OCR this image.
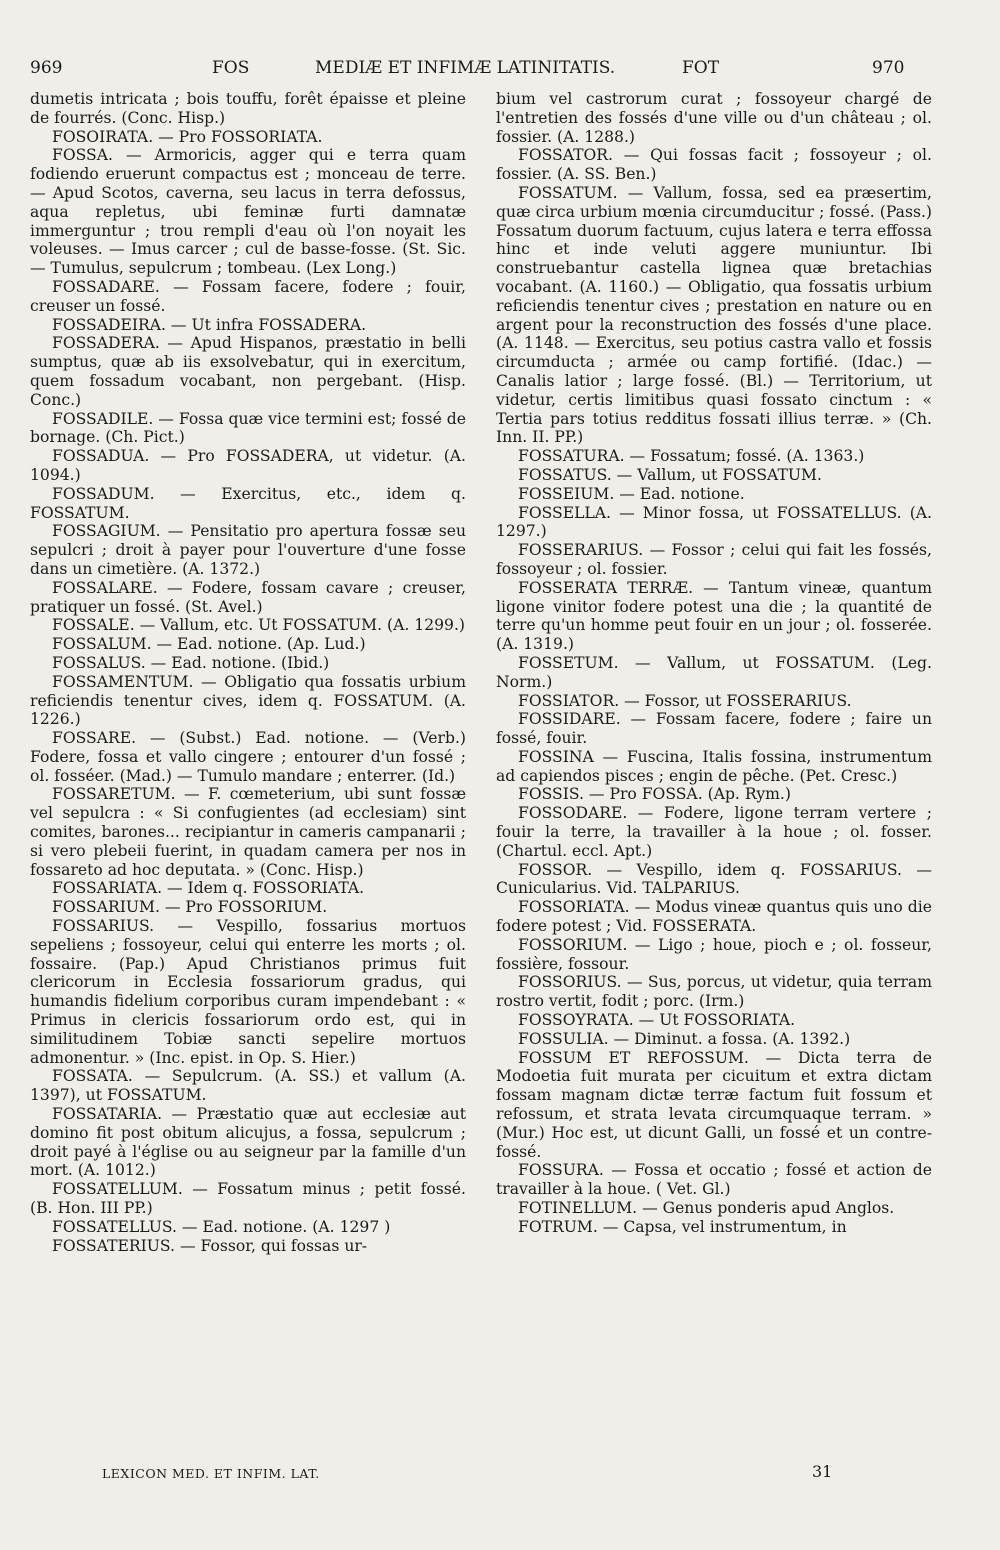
969	FOS	MEDIÆ ET INFIMÆ LATINITATIS.	FOT	970

dumetis intricata ; bois touffu, forêt épaisse et pleine de fourrés. (Conc. Hisp.)

FOSOIRATA. — Pro FOSSORIATA.

FOSSA. — Armoricis, agger qui e terra quam fodiendo eruerunt compactus est ; monceau de terre. — Apud Scotos, caverna, seu lacus in terra defossus, aqua repletus, ubi feminæ furti damnatæ immerguntur ; trou rempli d'eau où l'on noyait les voleuses. — Imus carcer ; cul de basse-fosse. (St. Sic. — Tumulus, sepulcrum ; tombeau. (Lex Long.)

FOSSADARE. — Fossam facere, fodere ; fouir, creuser un fossé.

FOSSADEIRA. — Ut infra FOSSADERA.

FOSSADERA. — Apud Hispanos, præstatio in belli sumptus, quæ ab iis exsolvebatur, qui in exercitum, quem fossadum vocabant, non pergebant. (Hisp. Conc.)

FOSSADILE. — Fossa quæ vice termini est; fossé de bornage. (Ch. Pict.)

FOSSADUA. — Pro FOSSADERA, ut videtur. (A. 1094.)

FOSSADUM. — Exercitus, etc., idem q. FOSSATUM.

FOSSAGIUM. — Pensitatio pro apertura fossæ seu sepulcri ; droit à payer pour l'ouverture d'une fosse dans un cimetière. (A. 1372.)

FOSSALARE. — Fodere, fossam cavare ; creuser, pratiquer un fossé. (St. Avel.)

FOSSALE. — Vallum, etc. Ut FOSSATUM. (A. 1299.)

FOSSALUM. — Ead. notione. (Ap. Lud.)

FOSSALUS. — Ead. notione. (Ibid.)

FOSSAMENTUM. — Obligatio qua fossatis urbium reficiendis tenentur cives, idem q. FOSSATUM. (A. 1226.)

FOSSARE. — (Subst.) Ead. notione. — (Verb.) Fodere, fossa et vallo cingere ; entourer d'un fossé ; ol. fosséer. (Mad.) — Tumulo mandare ; enterrer. (Id.)

FOSSARETUM. — F. cœmeterium, ubi sunt fossæ vel sepulcra : « Si confugientes (ad ecclesiam) sint comites, barones... recipiantur in cameris campanarii ; si vero plebeii fuerint, in quadam camera per nos in fossareto ad hoc deputata. » (Conc. Hisp.)

FOSSARIATA. — Idem q. FOSSORIATA.

FOSSARIUM. — Pro FOSSORIUM.

FOSSARIUS. — Vespillo, fossarius mortuos sepeliens ; fossoyeur, celui qui enterre les morts ; ol. fossaire. (Pap.) Apud Christianos primus fuit clericorum in Ecclesia fossariorum gradus, qui humandis fidelium corporibus curam impendebant : « Primus in clericis fossariorum ordo est, qui in similitudinem Tobiæ sancti sepelire mortuos admonentur. » (Inc. epist. in Op. S. Hier.)

FOSSATA. — Sepulcrum. (A. SS.) et vallum (A. 1397), ut FOSSATUM.

FOSSATARIA. — Præstatio quæ aut ecclesiæ aut domino fit post obitum alicujus, a fossa, sepulcrum ; droit payé à l'église ou au seigneur par la famille d'un mort. (A. 1012.)

FOSSATELLUM. — Fossatum minus ; petit fossé. (B. Hon. III PP.)

FOSSATELLUS. — Ead. notione. (A. 1297 )

FOSSATERIUS. — Fossor, qui fossas ur-

bium vel castrorum curat ; fossoyeur chargé de l'entretien des fossés d'une ville ou d'un château ; ol. fossier. (A. 1288.)

FOSSATOR. — Qui fossas facit ; fossoyeur ; ol. fossier. (A. SS. Ben.)

FOSSATUM. — Vallum, fossa, sed ea præsertim, quæ circa urbium mœnia circumducitur ; fossé. (Pass.) Fossatum duorum factuum, cujus latera e terra effossa hinc et inde veluti aggere muniuntur. Ibi construebantur castella lignea quæ bretachias vocabant. (A. 1160.) — Obligatio, qua fossatis urbium reficiendis tenentur cives ; prestation en nature ou en argent pour la reconstruction des fossés d'une place. (A. 1148. — Exercitus, seu potius castra vallo et fossis circumducta ; armée ou camp fortifié. (Idac.) — Canalis latior ; large fossé. (Bl.) — Territorium, ut videtur, certis limitibus quasi fossato cinctum : « Tertia pars totius redditus fossati illius terræ. » (Ch. Inn. II. PP.)

FOSSATURA. — Fossatum; fossé. (A. 1363.)

FOSSATUS. — Vallum, ut FOSSATUM.

FOSSEIUM. — Ead. notione.

FOSSELLA. — Minor fossa, ut FOSSATELLUS. (A. 1297.)

FOSSERARIUS. — Fossor ; celui qui fait les fossés, fossoyeur ; ol. fossier.

FOSSERATA TERRÆ. — Tantum vineæ, quantum ligone vinitor fodere potest una die ; la quantité de terre qu'un homme peut fouir en un jour ; ol. fosserée. (A. 1319.)

FOSSETUM. — Vallum, ut FOSSATUM. (Leg. Norm.)

FOSSIATOR. — Fossor, ut FOSSERARIUS.

FOSSIDARE. — Fossam facere, fodere ; faire un fossé, fouir.

FOSSINA — Fuscina, Italis fossina, instrumentum ad capiendos pisces ; engin de pêche. (Pet. Cresc.)

FOSSIS. — Pro FOSSA. (Ap. Rym.)

FOSSODARE. — Fodere, ligone terram vertere ; fouir la terre, la travailler à la houe ; ol. fosser. (Chartul. eccl. Apt.)

FOSSOR. — Vespillo, idem q. FOSSARIUS. — Cunicularius. Vid. TALPARIUS.

FOSSORIATA. — Modus vineæ quantus quis uno die fodere potest ; Vid. FOSSERATA.

FOSSORIUM. — Ligo ; houe, pioch e ; ol. fosseur, fossière, fossour.

FOSSORIUS. — Sus, porcus, ut videtur, quia terram rostro vertit, fodit ; porc. (Irm.)

FOSSOYRATA. — Ut FOSSORIATA.

FOSSULIA. — Diminut. a fossa. (A. 1392.)

FOSSUM ET REFOSSUM. — Dicta terra de Modoetia fuit murata per cicuitum et extra dictam fossam magnam dictæ terræ factum fuit fossum et refossum, et strata levata circumquaque terram. » (Mur.) Hoc est, ut dicunt Galli, un fossé et un contre-fossé.

FOSSURA. — Fossa et occatio ; fossé et action de travailler à la houe. ( Vet. Gl.)

FOTINELLUM. — Genus ponderis apud Anglos.

FOTRUM. — Capsa, vel instrumentum, in

LEXICON MED. ET INFIM. LAT.	31
